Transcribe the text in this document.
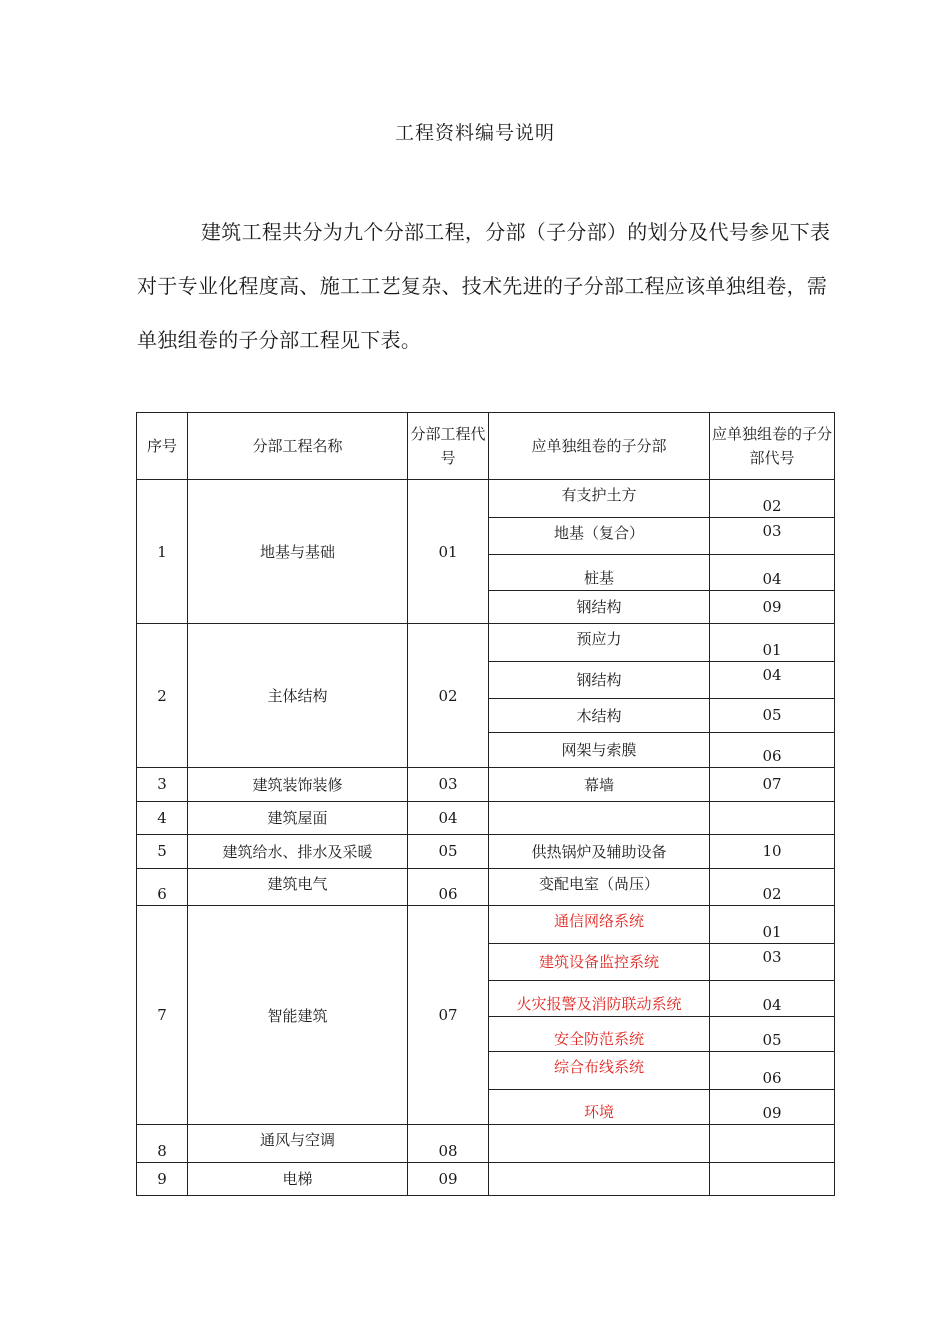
工程资料编号说明

建筑工程共分为九个分部工程，分部（子分部）的划分及代号参见下表对于专业化程度高、施工工艺复杂、技术先进的子分部工程应该单独组卷，需单独组卷的子分部工程见下表。

序号	分部工程名称	分部工程代号	应单独组卷的子分部	应单独组卷的子分部代号
1	地基与基础	01	有支护土方	02
			地基（复合）	03
			桩基	04
			钢结构	09
2	主体结构	02	预应力	01
			钢结构	04
			木结构	05
			网架与索膜	06
3	建筑装饰装修	03	幕墙	07
4	建筑屋面	04		
5	建筑给水、排水及采暖	05	供热锅炉及辅助设备	10
6	建筑电气	06	变配电室（咼压）	02
7	智能建筑	07	通信网络系统	01
			建筑设备监控系统	03
			火灾报警及消防联动系统	04
			安全防范系统	05
			综合布线系统	06
			环境	09
8	通风与空调	08		
9	电梯	09		
